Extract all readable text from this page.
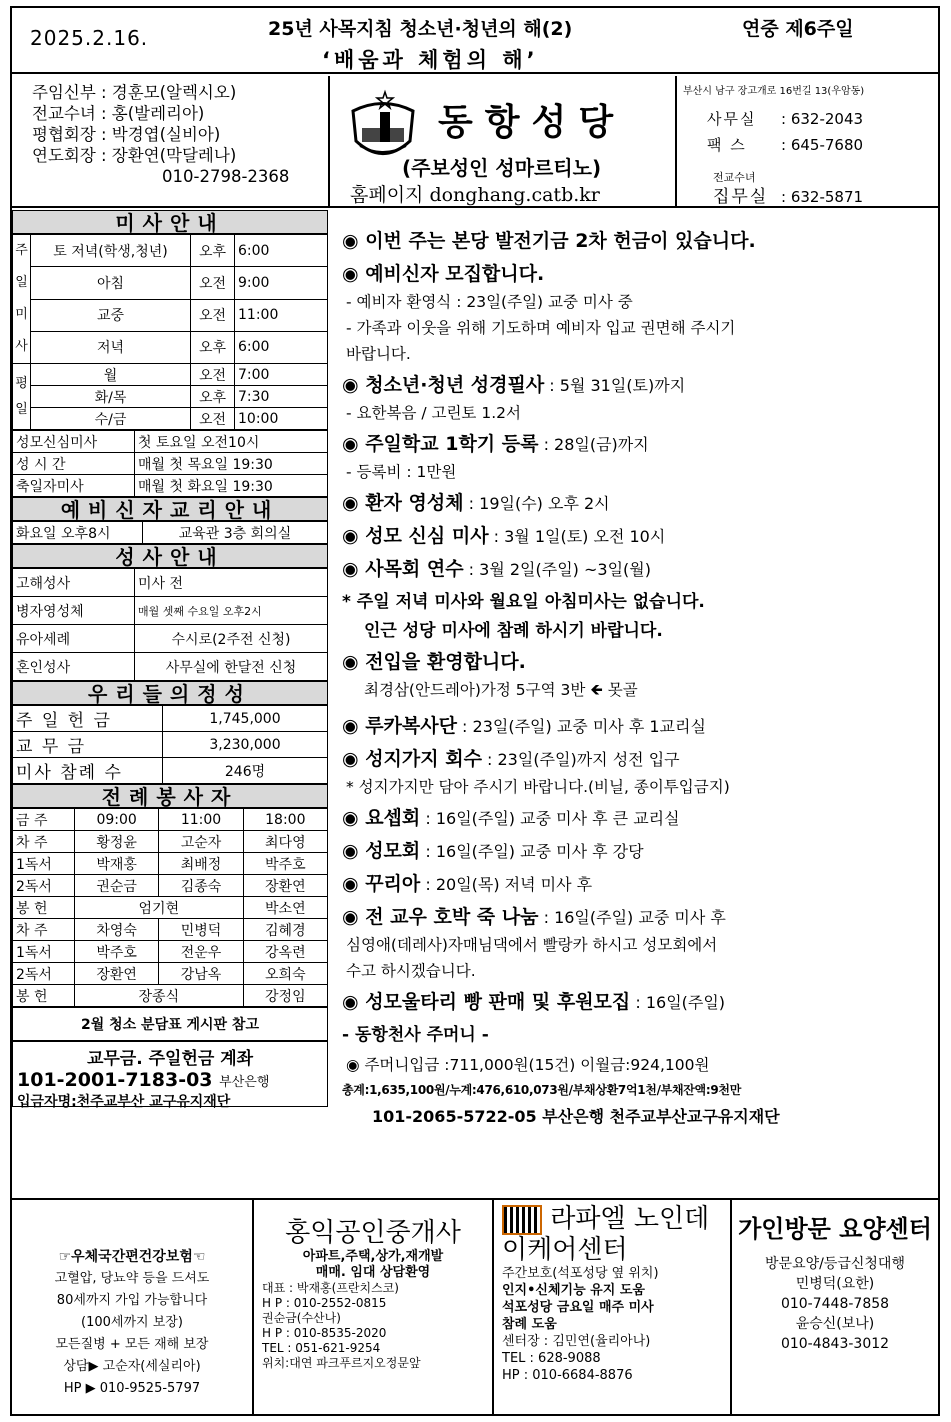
2025.2.16.	25년 사목지침 청소년·청년의 해(2)
‘배움과 체험의 해’
연중 제6주일
주임신부 : 경훈모(알렉시오)
전교수녀 : 홍(발레리아)
평협회장 : 박경엽(실비아)
연도회장 : 장환연(막달레나)
010-2798-2368
동항성당
(주보성인 성마르티노)
홈페이지 donghang.catb.kr
부산시 남구 장고개로 16번길 13(우암동)
사무실 : 632-2043
팩 스 : 645-7680
전교수녀
집무실 : 632-5871
미사안내
주
일
미
사	토 저녁(학생,청년)	오후	6:00
	아침	오전	9:00
	교중	오전	11:00
	저녁	오후	6:00
평
일	월	오전	7:00
	화/목	오후	7:30
	수/금	오전	10:00
성모신심미사	첫 토요일 오전10시
성 시 간	매월 첫 목요일 19:30
축일자미사	매월 첫 화요일 19:30
예비신자교리안내
화요일 오후8시	교육관 3층 회의실
성사안내
고해성사	미사 전
병자영성체	매월 셋째 수요일 오후2시
유아세례	수시로(2주전 신청)
혼인성사	사무실에 한달전 신청
우리들의정성
주 일 헌 금	1,745,000
교 무 금	3,230,000
미사 참례 수	246명
전례봉사자
금 주	09:00	11:00	18:00
차 주	황정윤	고순자	최다영
1독서	박재홍	최배정	박주호
2독서	권순금	김종숙	장환연
봉 헌	엄기현		박소연
차 주	차영숙	민병덕	김혜경
1독서	박주호	전운우	강옥련
2독서	장환연	강남옥	오희숙
봉 헌	장종식		강정임
2월 청소 분담표 게시판 참고
교무금. 주일헌금 계좌
101-2001-7183-03 부산은행
입금자명:천주교부산 교구유지재단

◉ 이번 주는 본당 발전기금 2차 헌금이 있습니다.

◉ 예비신자 모집합니다.

- 예비자 환영식 : 23일(주일) 교중 미사 중

- 가족과 이웃을 위해 기도하며 예비자 입교 권면해 주시기

바랍니다.

◉ 청소년·청년 성경필사 : 5월 31일(토)까지

- 요한복음 / 고린토 1.2서

◉ 주일학교 1학기 등록 : 28일(금)까지

- 등록비 : 1만원

◉ 환자 영성체 : 19일(수) 오후 2시

◉ 성모 신심 미사 : 3월 1일(토) 오전 10시

◉ 사목회 연수 : 3월 2일(주일) ~3일(월)

* 주일 저녁 미사와 월요일 아침미사는 없습니다.

인근 성당 미사에 참례 하시기 바랍니다.

◉ 전입을 환영합니다.

최경삼(안드레아)가정 5구역 3반 🡸 못골

◉ 루카복사단 : 23일(주일) 교중 미사 후 1교리실

◉ 성지가지 회수 : 23일(주일)까지 성전 입구

* 성지가지만 담아 주시기 바랍니다.(비닐, 종이투입금지)

◉ 요셉회 : 16일(주일) 교중 미사 후 큰 교리실

◉ 성모회 : 16일(주일) 교중 미사 후 강당

◉ 꾸리아 : 20일(목) 저녁 미사 후

◉ 전 교우 호박 죽 나눔 : 16일(주일) 교중 미사 후

심영애(데레사)자매님댁에서 빨랑카 하시고 성모회에서

수고 하시겠습니다.

◉ 성모울타리 빵 판매 및 후원모집 : 16일(주일)

- 동항천사 주머니 -

◉ 주머니입금 :711,000원(15건) 이월금:924,100원

총계:1,635,100원/누계:476,610,073원/부채상환7억1천/부채잔액:9천만

101-2065-5722-05 부산은행 천주교부산교구유지재단

☞우체국간편건강보험☜
고혈압, 당뇨약 등을 드셔도
80세까지 가입 가능합니다
(100세까지 보장)
모든질병 + 모든 재해 보장
상담▶ 고순자(세실리아)
HP ▶ 010-9525-5797
홍익공인중개사
아파트,주택,상가,재개발
매매. 임대 상담환영
대표 : 박재홍(프란치스코)
H P : 010-2552-0815
권순금(수산나)
H P : 010-8535-2020
TEL : 051-621-9254
위치:대연 파크푸르지오정문앞
라파엘 노인데이케어센터
주간보호(석포성당 옆 위치)
인지•신체기능 유지 도움
석포성당 금요일 매주 미사
참례 도움
센터장 : 김민연(율리아나)
TEL : 628-9088
HP : 010-6684-8876
가인방문 요양센터
방문요양/등급신청대행
민병덕(요한)
010-7448-7858
윤승신(보나)
010-4843-3012
